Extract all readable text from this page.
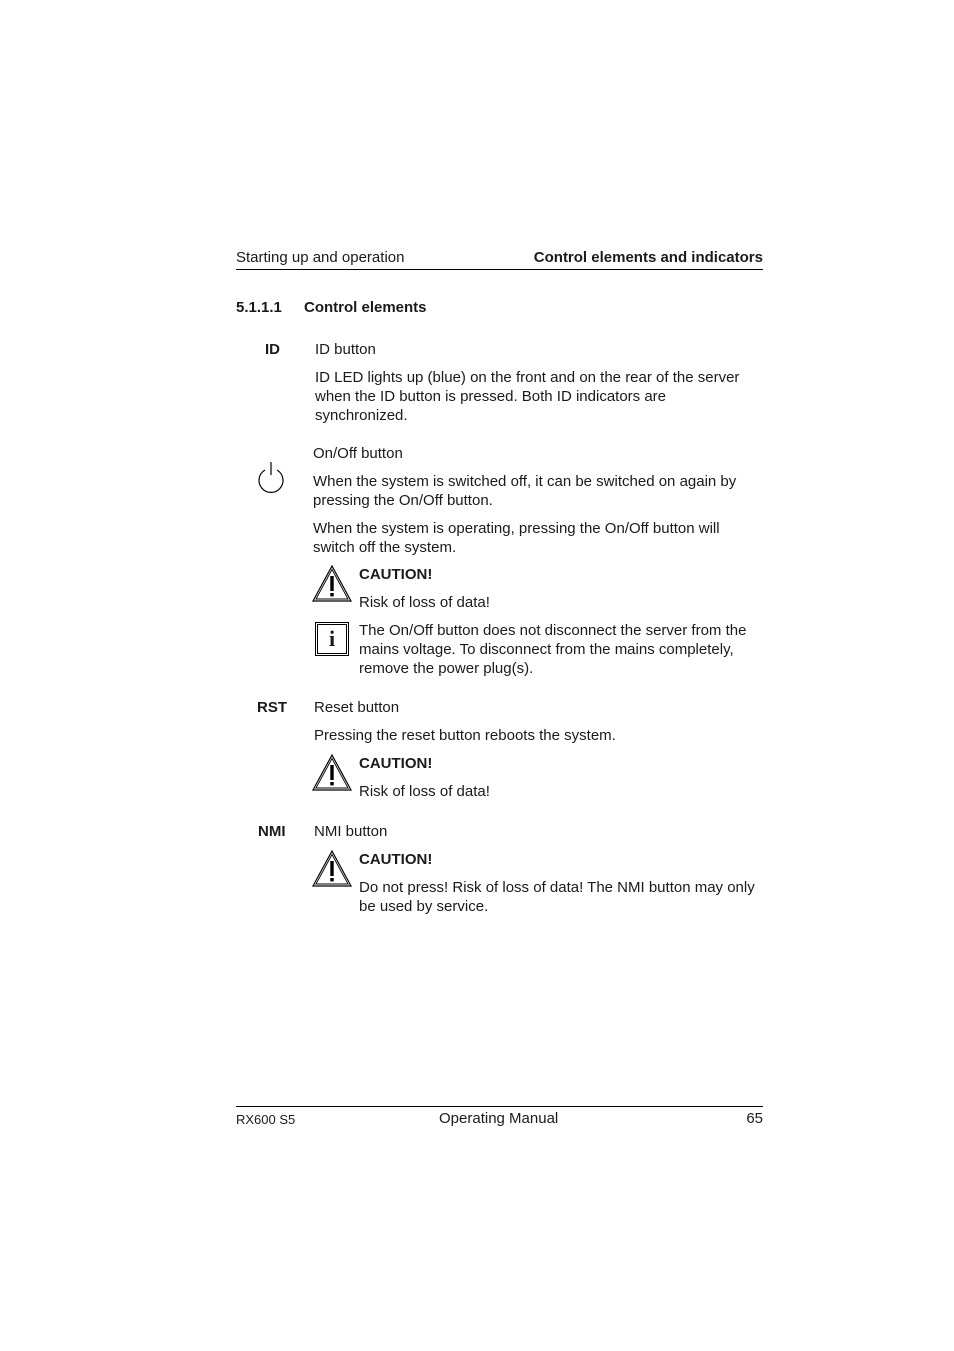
Starting up and operation	Control elements and indicators
5.1.1.1 Control elements
ID ID button
ID LED lights up (blue) on the front and on the rear of the server when the ID button is pressed. Both ID indicators are synchronized.
On/Off button
When the system is switched off, it can be switched on again by pressing the On/Off button.
When the system is operating, pressing the On/Off button will switch off the system.
CAUTION!
Risk of loss of data!
i	The On/Off button does not disconnect the server from the mains voltage. To disconnect from the mains completely, remove the power plug(s).
RST Reset button
Pressing the reset button reboots the system.
CAUTION!
Risk of loss of data!
NMI NMI button
CAUTION!
Do not press! Risk of loss of data! The NMI button may only be used by service.
RX600 S5	Operating Manual	65
